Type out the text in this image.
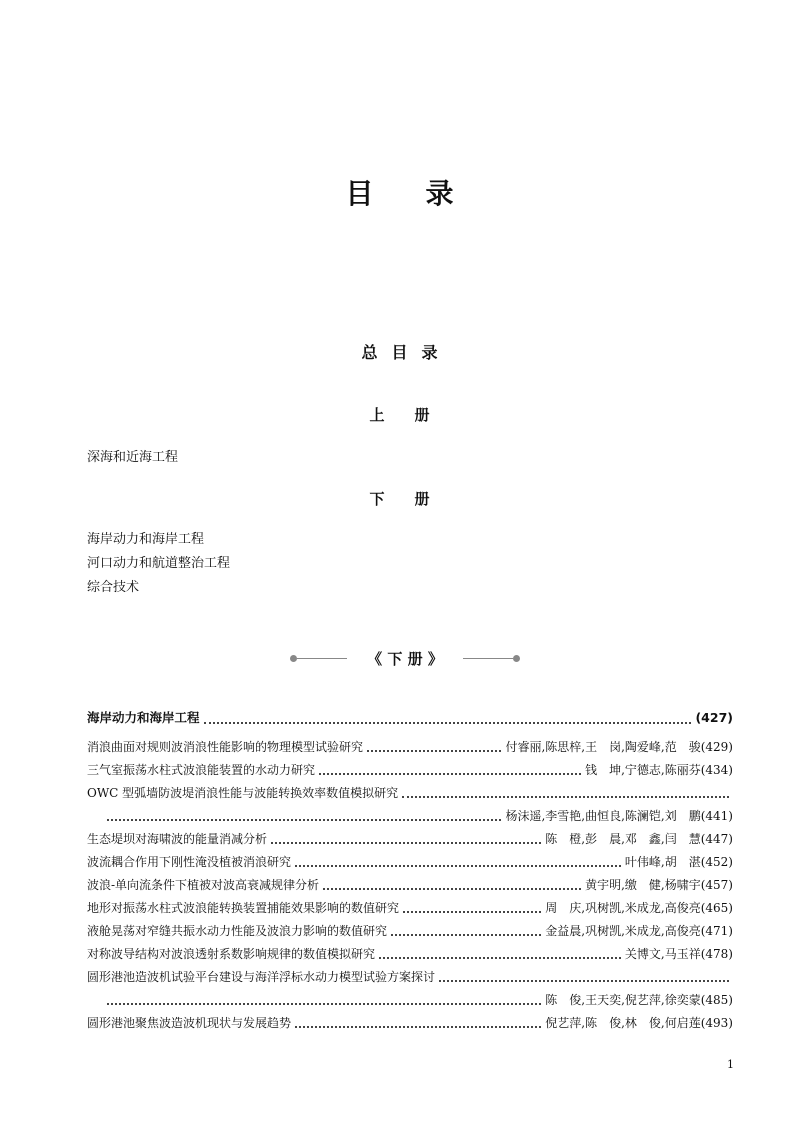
目录
总目录
上册
深海和近海工程
下册
海岸动力和海岸工程
河口动力和航道整治工程
综合技术
《 下 册 》
海岸动力和海岸工程	(427)
消浪曲面对规则波消浪性能影响的物理模型试验研究	付睿丽,陈思梓,王　岗,陶爱峰,范　骏 (429)
三气室振荡水柱式波浪能装置的水动力研究	钱　坤,宁德志,陈丽芬 (434)
OWC 型弧墙防波堤消浪性能与波能转换效率数值模拟研究
杨沫遥,李雪艳,曲恒良,陈澜铠,刘　鹏 (441)
生态堤坝对海啸波的能量消减分析	陈　橙,彭　晨,邓　鑫,闫　慧 (447)
波流耦合作用下刚性淹没植被消浪研究	叶伟峰,胡　湛 (452)
波浪-单向流条件下植被对波高衰减规律分析	黄宇明,缴　健,杨啸宇 (457)
地形对振荡水柱式波浪能转换装置捕能效果影响的数值研究	周　庆,巩树凯,米成龙,高俊亮 (465)
液舱晃荡对窄缝共振水动力性能及波浪力影响的数值研究	金益晨,巩树凯,米成龙,高俊亮 (471)
对称波导结构对波浪透射系数影响规律的数值模拟研究	关博文,马玉祥 (478)
圆形港池造波机试验平台建设与海洋浮标水动力模型试验方案探讨
陈　俊,王天奕,倪艺萍,徐奕蒙 (485)
圆形港池聚焦波造波机现状与发展趋势	倪艺萍,陈　俊,林　俊,何启莲 (493)
1
